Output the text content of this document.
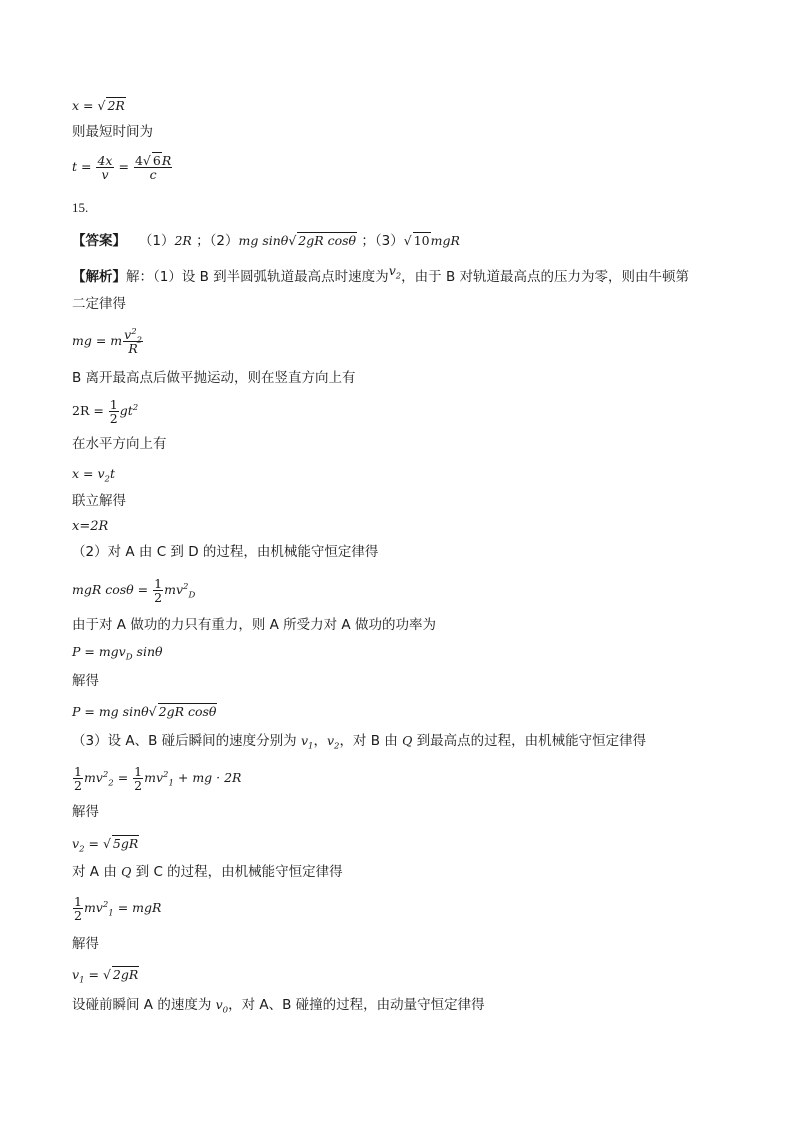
x = √ 2R
则最短时间为
$t = \frac{4x}{v} = \frac{4√ 6R}{c}$
15.
【答案】 （1）2R ；（2）mg sinθ√ 2gR cosθ ；（3）√ 10mgR
【解析】解：（1）设 B 到半圆弧轨道最高点时速度为$v_2$，由于 B 对轨道最高点的压力为零，则由牛顿第
二定律得
mg = m $\frac{v^2_2}{R}$
B 离开最高点后做平抛运动，则在竖直方向上有
$2R = \frac{1}{2} gt^2$
在水平方向上有
$x = v_2t$
联立解得
x=2R
（2）对 A 由 C 到 D 的过程，由机械能守恒定律得
mgR $\cos\theta = \frac{1}{2} mv^2_D$
由于对 A 做功的力只有重力，则 A 所受力对 A 做功的功率为
P = mgv$_D$ sinθ
解得
P = mg sinθ√ 2gR cosθ
（3）设 A、B 碰后瞬间的速度分别为 $v_1$，$v_2$，对 B 由 Q 到最高点的过程，由机械能守恒定律得
$\frac{1}{2} mv^2_2 = \frac{1}{2} mv^2_1$ + mg · 2R
解得
$v_2$ = √ 5gR
对 A 由 Q 到 C 的过程，由机械能守恒定律得
$\frac{1}{2} mv^2_1$ = mgR
解得
$v_1$ = √ 2gR
设碰前瞬间 A 的速度为 $v_0$，对 A、B 碰撞的过程，由动量守恒定律得
